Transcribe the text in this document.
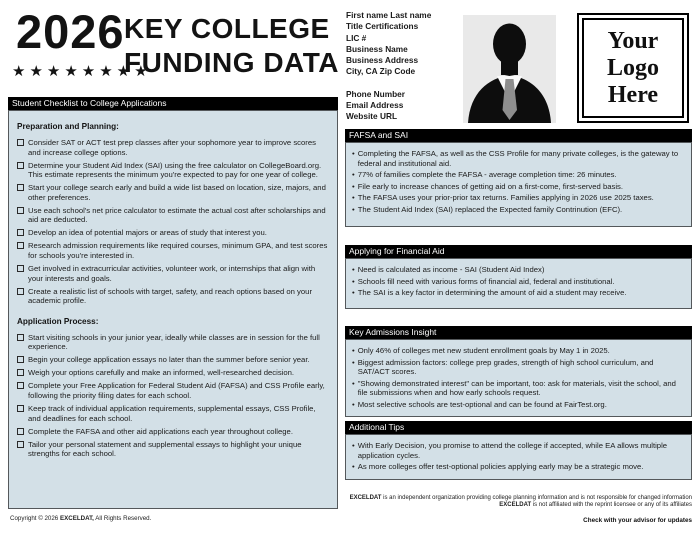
2026
★★★★★★★★
KEY COLLEGE
FUNDING DATA
First name Last name
Title Certifications
LIC #
Business Name
Business Address
City, CA Zip Code
Phone Number
Email Address
Website URL
Your
Logo
Here
Student Checklist to College Applications
Preparation and Planning:
Consider SAT or ACT test prep classes after your sophomore year to improve scores and increase college options.
Determine your Student Aid Index (SAI) using the free calculator on CollegeBoard.org. This estimate represents the minimum you're expected to pay for one year of college.
Start your college search early and build a wide list based on location, size, majors, and other preferences.
Use each school's net price calculator to estimate the actual cost after scholarships and aid are deducted.
Develop an idea of potential majors or areas of study that interest you.
Research admission requirements like required courses, minimum GPA, and test scores for schools you're interested in.
Get involved in extracurricular activities, volunteer work, or internships that align with your interests and goals.
Create a realistic list of schools with target, safety, and reach options based on your academic profile.
Application Process:
Start visiting schools in your junior year, ideally while classes are in session for the full experience.
Begin your college application essays no later than the summer before senior year.
Weigh your options carefully and make an informed, well-researched decision.
Complete your Free Application for Federal Student Aid (FAFSA) and CSS Profile early, following the priority filing dates for each school.
Keep track of individual application requirements, supplemental essays, CSS Profile, and deadlines for each school.
Complete the FAFSA and other aid applications each year throughout college.
Tailor your personal statement and supplemental essays to highlight your unique strengths for each school.
FAFSA and SAI
• Completing the FAFSA, as well as the CSS Profile for many private colleges, is the gateway to federal and institutional aid.
• 77% of families complete the FAFSA - average completion time: 26 minutes.
• File early to increase chances of getting aid on a first-come, first-served basis.
• The FAFSA uses your prior-prior tax returns. Families applying in 2026 use 2025 taxes.
• The Student Aid Index (SAI) replaced the Expected family Contrinution (EFC).
Applying for Financial Aid
• Need is calculated as income - SAI (Student Aid Index)
• Schools fill need with various forms of financial aid, federal and institutional.
• The SAI is a key factor in determining the amount of aid a student may receive.
Key Admissions Insight
• Only 46% of colleges met new student enrollment goals by May 1 in 2025.
• Biggest admission factors: college prep grades, strength of high school curriculum, and SAT/ACT scores.
• "Showing demonstrated interest" can be important, too: ask for materials, visit the school, and file submissions when and how early schools request.
• Most selective schools are test-optional and can be found at FairTest.org.
Additional Tips
• With Early Decision, you promise to attend the college if accepted, while EA allows multiple application cycles.
• As more colleges offer test-optional policies applying early may be a strategic move.
Copyright © 2026 EXCELDAT, All Rights Reserved.
EXCELDAT is an independent organization providing college planning information and is not responsible for changed information
EXCELDAT is not affiliated with the reprint licensee or any of its affiliates
Check with your advisor for updates
